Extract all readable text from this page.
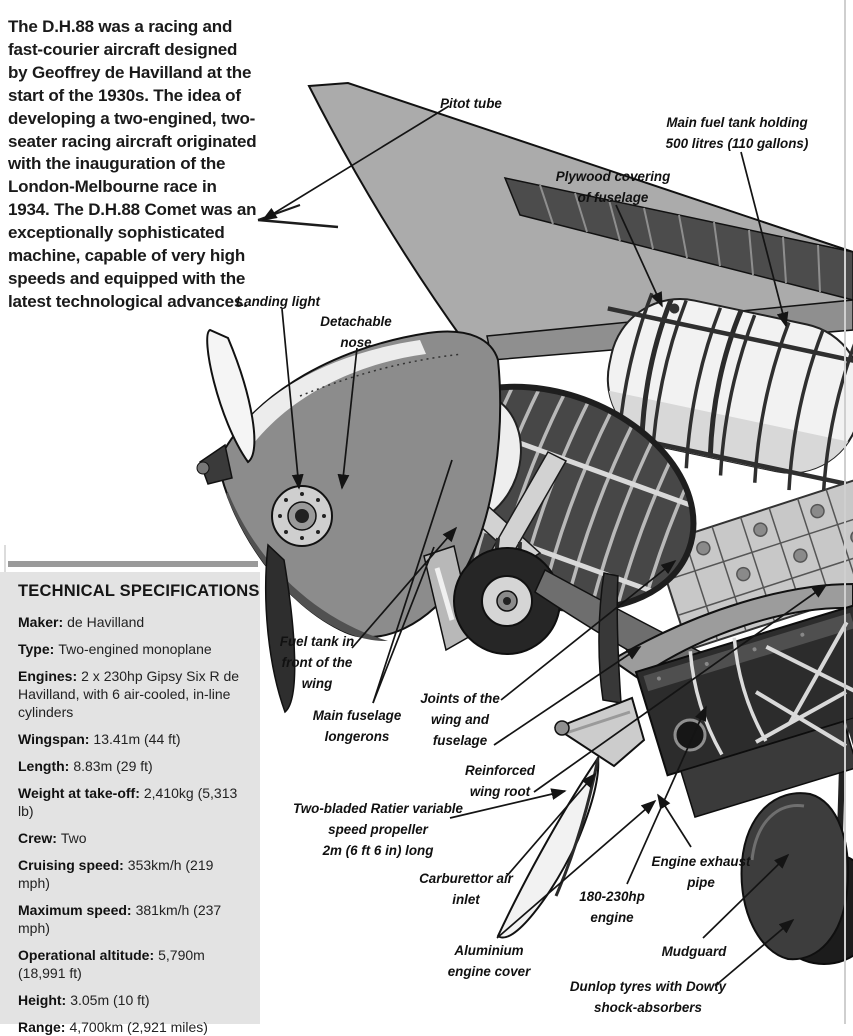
The D.H.88 was a racing and fast-courier aircraft designed by Geoffrey de Havilland at the start of the 1930s. The idea of developing a two-engined, two-seater racing aircraft originated with the inauguration of the London-Melbourne race in 1934. The D.H.88 Comet was an exceptionally sophisticated machine, capable of very high speeds and equipped with the latest technological advances.
TECHNICAL SPECIFICATIONS
Maker: de Havilland
Type: Two-engined monoplane
Engines: 2 x 230hp Gipsy Six R de Havilland, with 6 air-cooled, in-line cylinders
Wingspan: 13.41m (44 ft)
Length: 8.83m (29 ft)
Weight at take-off: 2,410kg (5,313 lb)
Crew: Two
Cruising speed: 353km/h (219 mph)
Maximum speed: 381km/h (237 mph)
Operational altitude: 5,790m (18,991 ft)
Height: 3.05m (10 ft)
Range: 4,700km (2,921 miles)
Pitot tube
Main fuel tank holding
500 litres (110 gallons)
Plywood covering
of fuselage
Landing light
Detachable
nose
Fuel tank in
front of the
wing
Main fuselage
longerons
Joints of the
wing and
fuselage
Reinforced
wing root
Two-bladed Ratier variable
speed propeller
2m (6 ft 6 in) long
Carburettor air
inlet	180-230hp
engine
Aluminium
engine cover
Engine exhaust
pipe
Mudguard
Dunlop tyres with Dowty
shock-absorbers
